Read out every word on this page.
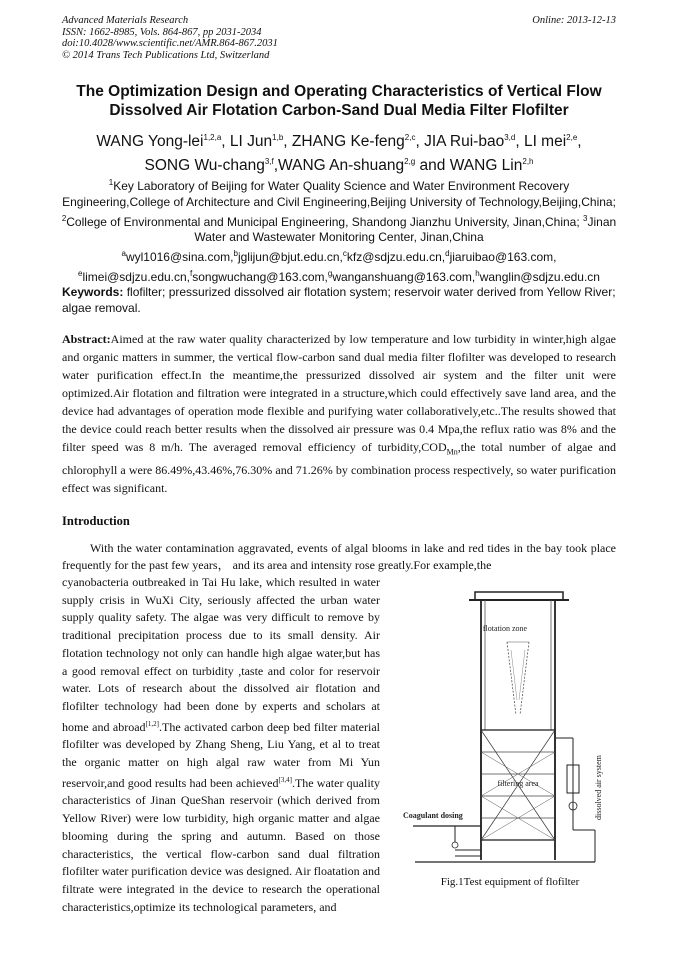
Advanced Materials Research
ISSN: 1662-8985, Vols. 864-867, pp 2031-2034
doi:10.4028/www.scientific.net/AMR.864-867.2031
© 2014 Trans Tech Publications Ltd, Switzerland
Online: 2013-12-13
The Optimization Design and Operating Characteristics of Vertical Flow Dissolved Air Flotation Carbon-Sand Dual Media Filter Flofilter
WANG Yong-lei$^{1,2,a}$, LI Jun$^{1,b}$, ZHANG Ke-feng$^{2,c}$, JIA Rui-bao$^{3,d}$, LI mei$^{2,e}$,
SONG Wu-chang$^{3,f}$,WANG An-shuang$^{2,g}$ and WANG Lin$^{2,h}$
$^1$Key Laboratory of Beijing for Water Quality Science and Water Environment Recovery Engineering,College of Architecture and Civil Engineering,Beijing University of Technology,Beijing,China; $^2$College of Environmental and Municipal Engineering, Shandong Jianzhu University, Jinan,China; $^3$Jinan Water and Wastewater Monitoring Center, Jinan,China
$^a$wyl1016@sina.com,$^b$jglijun@bjut.edu.cn,$^c$kfz@sdjzu.edu.cn,$^d$jiaruibao@163.com,
$^e$limei@sdjzu.edu.cn,$^f$songwuchang@163.com,$^g$wanganshuang@163.com,$^h$wanglin@sdjzu.edu.cn
Keywords: flofilter; pressurized dissolved air flotation system; reservoir water derived from Yellow River; algae removal.
Abstract:Aimed at the raw water quality characterized by low temperature and low turbidity in winter,high algae and organic matters in summer, the vertical flow-carbon sand dual media filter flofilter was developed to research water purification effect.In the meantime,the pressurized dissolved air system and the filter unit were optimized.Air flotation and filtration were integrated in a structure,which could effectively save land area, and the device had advantages of operation mode flexible and purifying water collaboratively,etc..The results showed that the device could reach better results when the dissolved air pressure was 0.4 Mpa,the reflux ratio was 8% and the filter speed was 8 m/h. The averaged removal efficiency of $turbidity,COD_{Mn},the$ total number of algae and chlorophyll a were 86.49%,43.46%,76.30% and 71.26% by combination process respectively, so water purification effect was significant.
Introduction
With the water contamination aggravated, events of algal blooms in lake and red tides in the bay took place frequently for the past few years， and its area and intensity rose greatly.For example,the
cyanobacteria outbreaked in Tai Hu lake, which resulted in water supply crisis in WuXi City, seriously affected the urban water supply quality safety. The algae was very difficult to remove by traditional precipitation process due to its small density. Air flotation technology not only can handle high algae water,but has a good removal effect on turbidity ,taste and color for reservoir water. Lots of research about the dissolved air flotation and flofilter technology had been done by experts and scholars at home and abroad[1,2].The activated carbon deep bed filter material flofilter was developed by Zhang Sheng, Liu Yang, et al to treat the organic matter on high algal raw water from Mi Yun reservoir,and good results had been achieved[3,4].The water quality characteristics of Jinan QueShan reservoir (which derived from Yellow River) were low turbidity, high organic matter and algae blooming during the spring and autumn. Based on those characteristics, the vertical flow-carbon sand dual filtration flofilter water purification device was designed. Air floatation and filtrate were integrated in the device to research the operational characteristics,optimize its technological parameters, and
flotation zone
filtering area
Coagulant dosing	dissolved air system
Fig.1Test equipment of flofilter
